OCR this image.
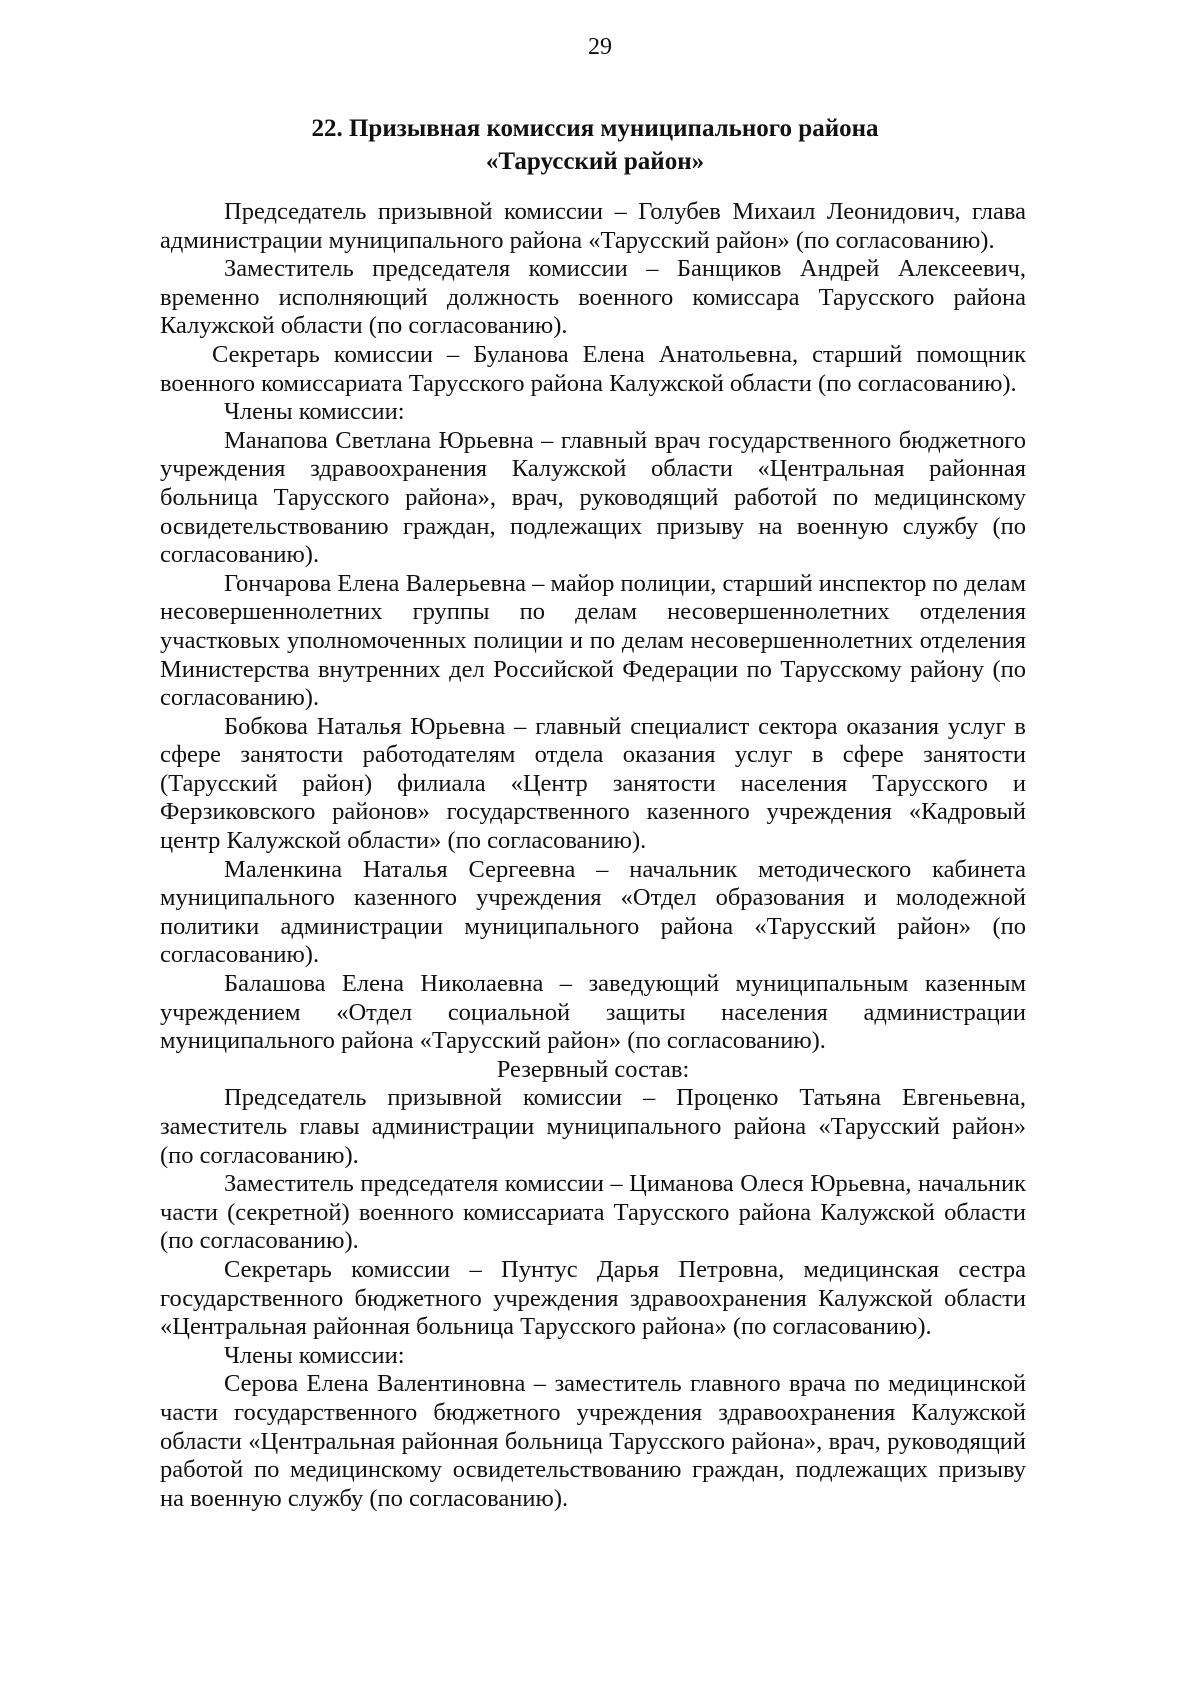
29
22. Призывная комиссия муниципального района
«Тарусский район»

Председатель призывной комиссии – Голубев Михаил Леонидович, глава администрации муниципального района «Тарусский район» (по согласованию).

Заместитель председателя комиссии – Банщиков Андрей Алексеевич, временно исполняющий должность военного комиссара Тарусского района Калужской области (по согласованию).

Секретарь комиссии – Буланова Елена Анатольевна, старший помощник военного комиссариата Тарусского района Калужской области (по согласованию).

Члены комиссии:

Манапова Светлана Юрьевна – главный врач государственного бюджетного учреждения здравоохранения Калужской области «Центральная районная больница Тарусского района», врач, руководящий работой по медицинскому освидетельствованию граждан, подлежащих призыву на военную службу (по согласованию).

Гончарова Елена Валерьевна – майор полиции, старший инспектор по делам несовершеннолетних группы по делам несовершеннолетних отделения участковых уполномоченных полиции и по делам несовершеннолетних отделения Министерства внутренних дел Российской Федерации по Тарусскому району (по согласованию).

Бобкова Наталья Юрьевна – главный специалист сектора оказания услуг в сфере занятости работодателям отдела оказания услуг в сфере занятости (Тарусский район) филиала «Центр занятости населения Тарусского и Ферзиковского районов» государственного казенного учреждения «Кадровый центр Калужской области» (по согласованию).

Маленкина Наталья Сергеевна – начальник методического кабинета муниципального казенного учреждения «Отдел образования и молодежной политики администрации муниципального района «Тарусский район» (по согласованию).

Балашова Елена Николаевна – заведующий муниципальным казенным учреждением «Отдел социальной защиты населения администрации муниципального района «Тарусский район» (по согласованию).

Резервный состав:

Председатель призывной комиссии – Проценко Татьяна Евгеньевна, заместитель главы администрации муниципального района «Тарусский район» (по согласованию).

Заместитель председателя комиссии – Циманова Олеся Юрьевна, начальник части (секретной) военного комиссариата Тарусского района Калужской области (по согласованию).

Секретарь комиссии – Пунтус Дарья Петровна, медицинская сестра государственного бюджетного учреждения здравоохранения Калужской области «Центральная районная больница Тарусского района» (по согласованию).

Члены комиссии:

Серова Елена Валентиновна – заместитель главного врача по медицинской части государственного бюджетного учреждения здравоохранения Калужской области «Центральная районная больница Тарусского района», врач, руководящий работой по медицинскому освидетельствованию граждан, подлежащих призыву на военную службу (по согласованию).
